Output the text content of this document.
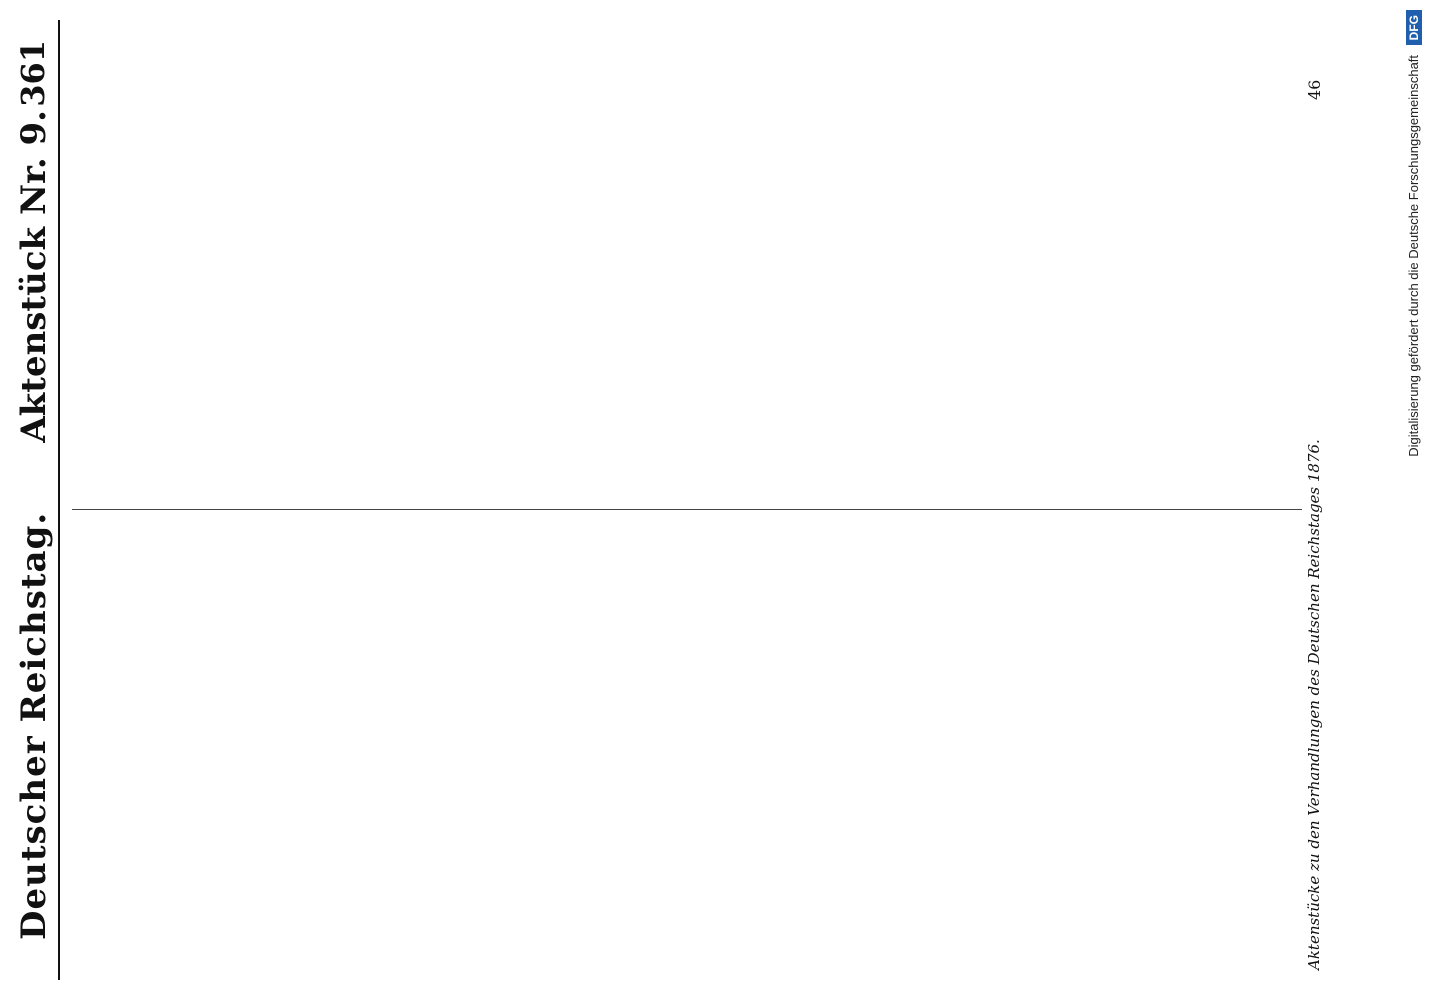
Deutscher Reichstag.
Aktenstück Nr. 9.
361
Aktenstücke zu den Verhandlungen des Deutschen Reichstages 1876.
46	Digitalisierung gefördert durch die Deutsche Forschungsgemeinschaft DFG
